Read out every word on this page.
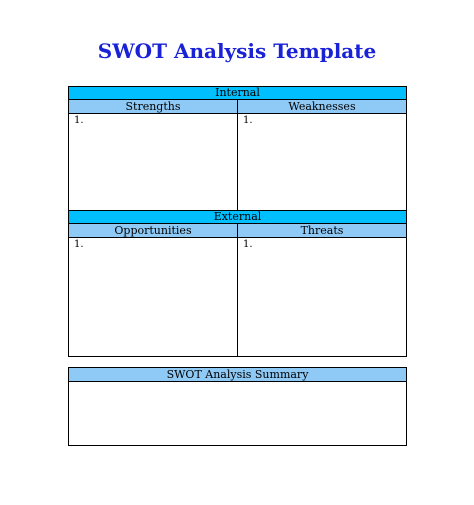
SWOT Analysis Template
Internal
Strengths	Weaknesses
1.	1.
External
Opportunities	Threats
1.	1.
SWOT Analysis Summary
